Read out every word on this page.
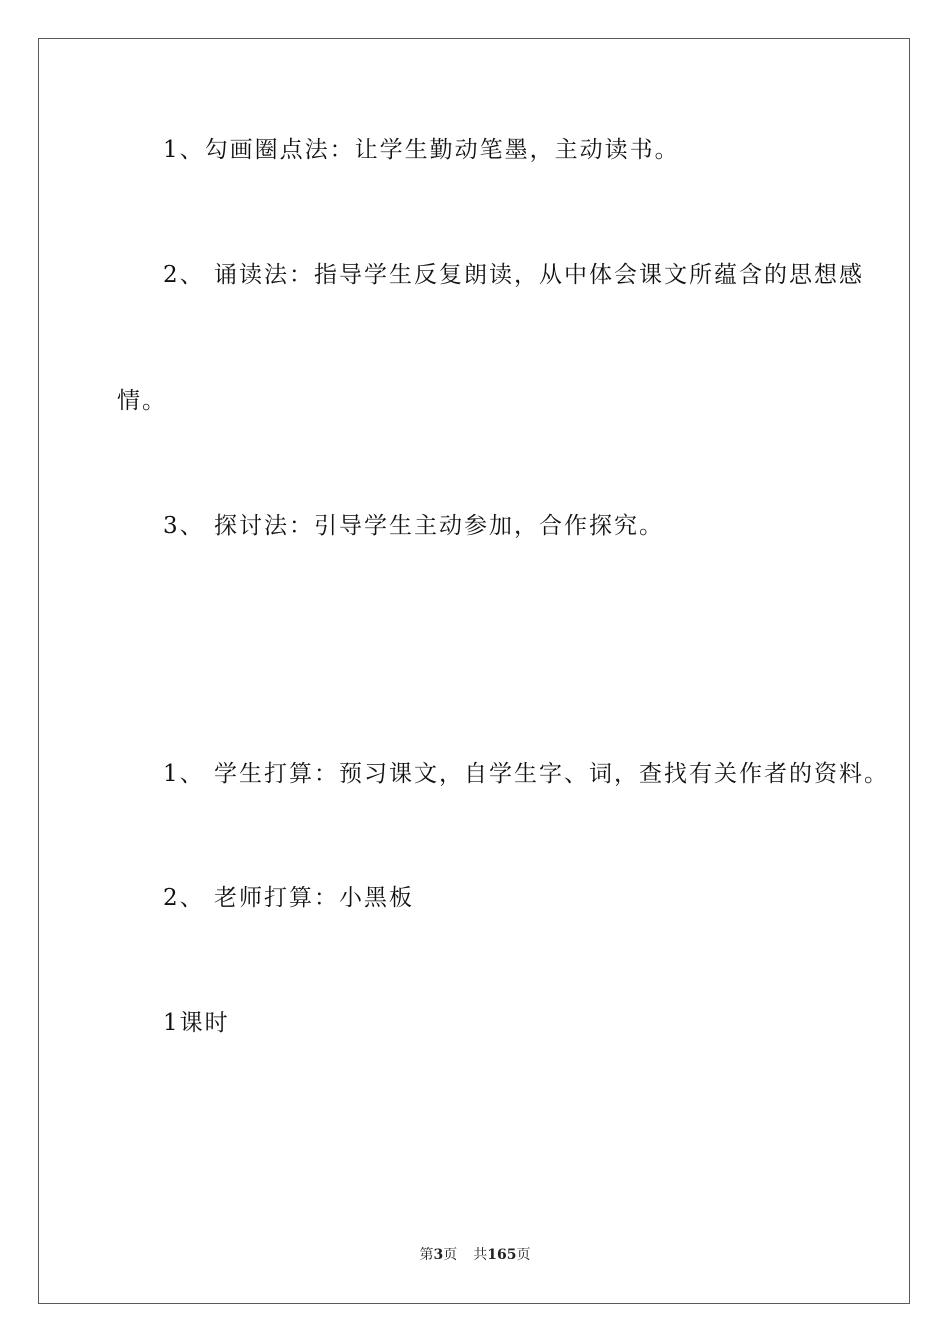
1、勾画圈点法：让学生勤动笔墨，主动读书。
2、 诵读法：指导学生反复朗读，从中体会课文所蕴含的思想感
情。
3、 探讨法：引导学生主动参加，合作探究。
1、 学生打算：预习课文，自学生字、词，查找有关作者的资料。
2、 老师打算：小黑板
1课时
第3页 共165页
